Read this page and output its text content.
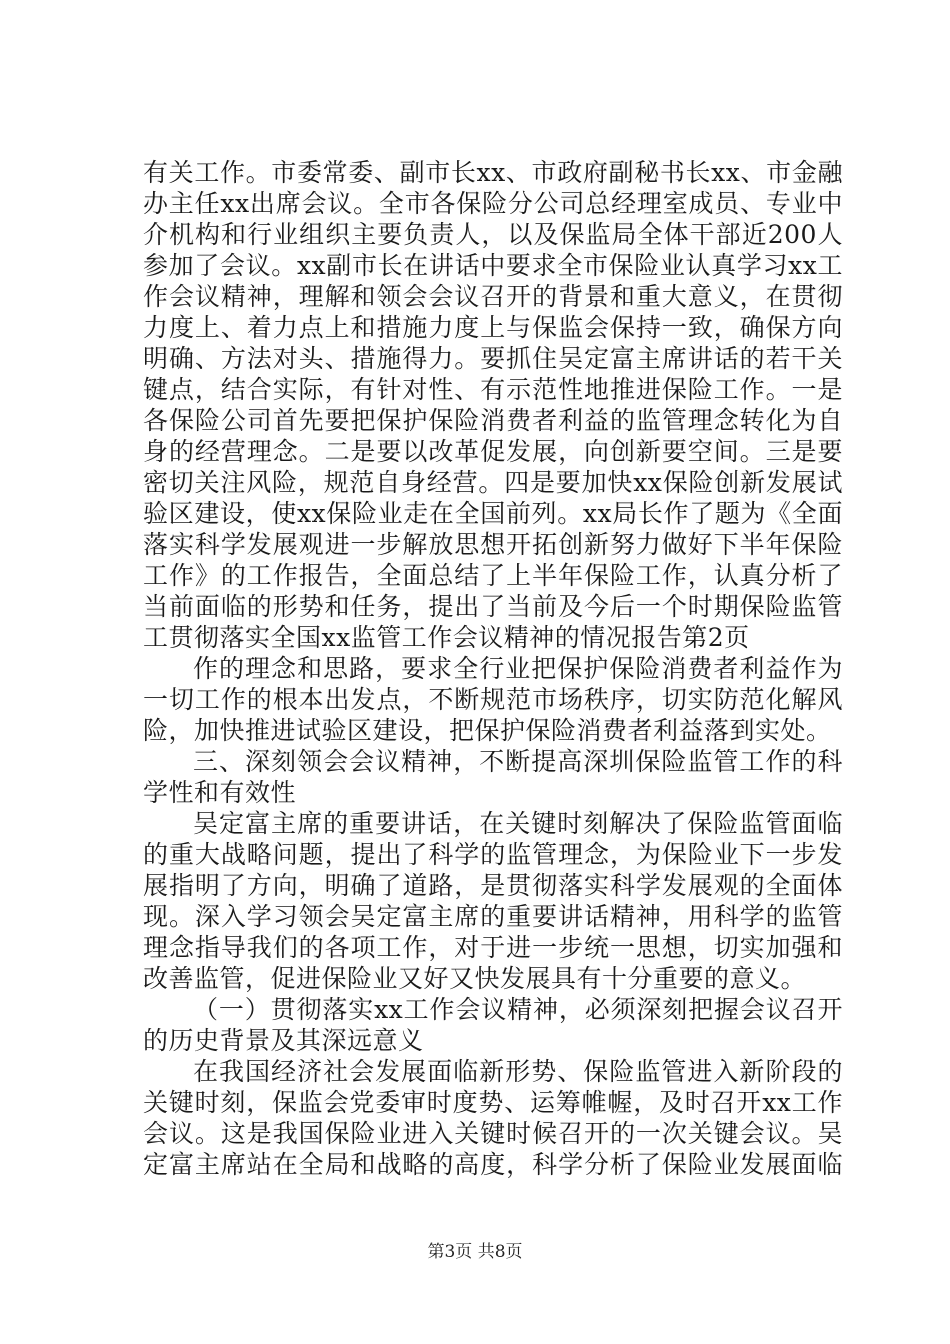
有关工作。市委常委、副市长xx、市政府副秘书长xx、市金融
办主任xx出席会议。全市各保险分公司总经理室成员、专业中
介机构和行业组织主要负责人，以及保监局全体干部近200人
参加了会议。xx副市长在讲话中要求全市保险业认真学习xx工
作会议精神，理解和领会会议召开的背景和重大意义，在贯彻
力度上、着力点上和措施力度上与保监会保持一致，确保方向
明确、方法对头、措施得力。要抓住吴定富主席讲话的若干关
键点，结合实际，有针对性、有示范性地推进保险工作。一是
各保险公司首先要把保护保险消费者利益的监管理念转化为自
身的经营理念。二是要以改革促发展，向创新要空间。三是要
密切关注风险，规范自身经营。四是要加快xx保险创新发展试
验区建设，使xx保险业走在全国前列。xx局长作了题为《全面
落实科学发展观进一步解放思想开拓创新努力做好下半年保险
工作》的工作报告，全面总结了上半年保险工作，认真分析了
当前面临的形势和任务，提出了当前及今后一个时期保险监管
工贯彻落实全国xx监管工作会议精神的情况报告第2页
作的理念和思路，要求全行业把保护保险消费者利益作为
一切工作的根本出发点，不断规范市场秩序，切实防范化解风
险，加快推进试验区建设，把保护保险消费者利益落到实处。
三、深刻领会会议精神，不断提高深圳保险监管工作的科
学性和有效性
吴定富主席的重要讲话，在关键时刻解决了保险监管面临
的重大战略问题，提出了科学的监管理念，为保险业下一步发
展指明了方向，明确了道路，是贯彻落实科学发展观的全面体
现。深入学习领会吴定富主席的重要讲话精神，用科学的监管
理念指导我们的各项工作，对于进一步统一思想，切实加强和
改善监管，促进保险业又好又快发展具有十分重要的意义。
（一）贯彻落实xx工作会议精神，必须深刻把握会议召开
的历史背景及其深远意义
在我国经济社会发展面临新形势、保险监管进入新阶段的
关键时刻，保监会党委审时度势、运筹帷幄，及时召开xx工作
会议。这是我国保险业进入关键时候召开的一次关键会议。吴
定富主席站在全局和战略的高度，科学分析了保险业发展面临
第3页 共8页
